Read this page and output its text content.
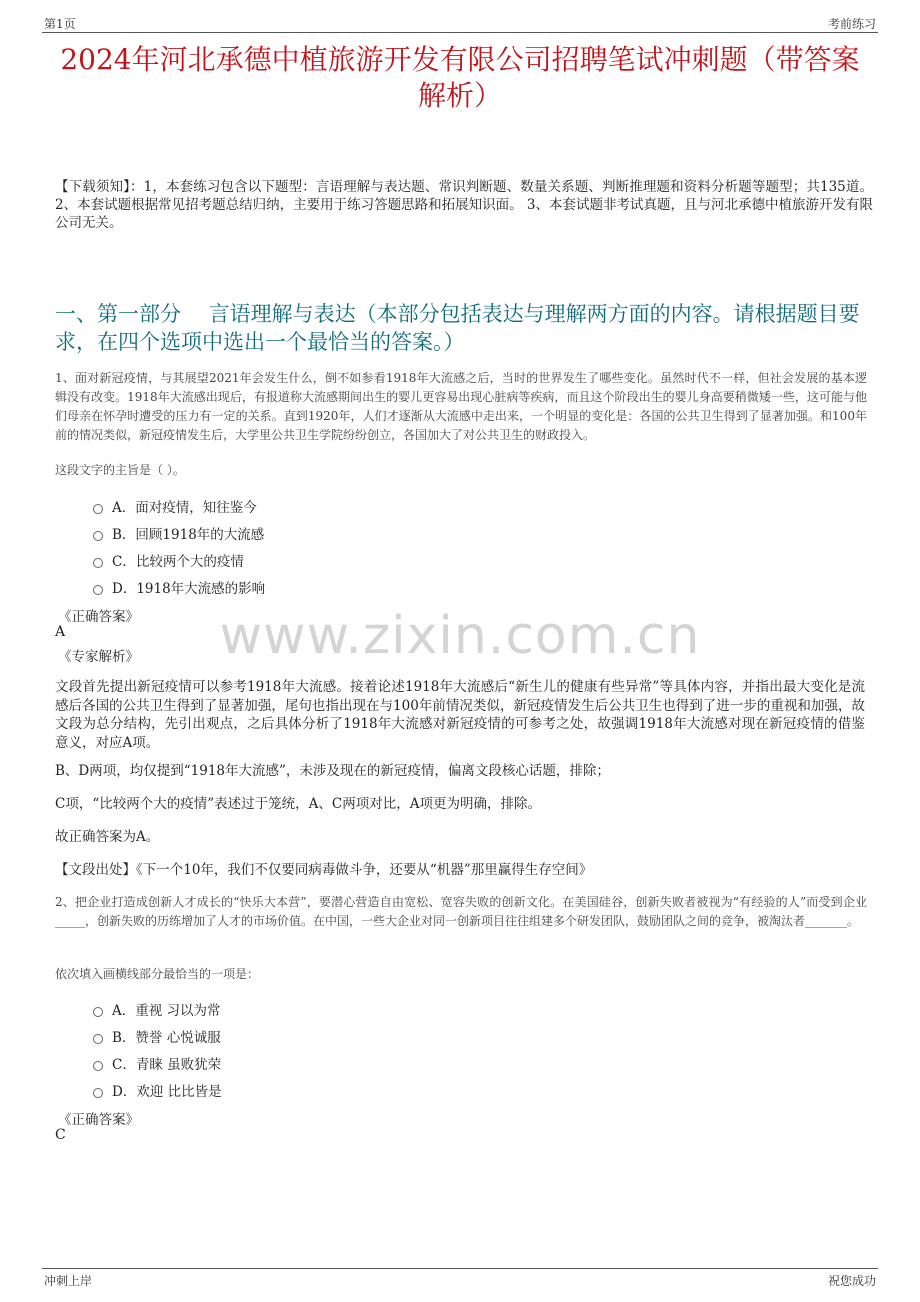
第1页	考前练习
2024年河北承德中植旅游开发有限公司招聘笔试冲刺题（带答案解析）
【下载须知】：1，本套练习包含以下题型：言语理解与表达题、常识判断题、数量关系题、判断推理题和资料分析题等题型；共135道。 2、本套试题根据常见招考题总结归纳，主要用于练习答题思路和拓展知识面。 3、本套试题非考试真题，且与河北承德中植旅游开发有限公司无关。
一、第一部分　 言语理解与表达（本部分包括表达与理解两方面的内容。请根据题目要求，在四个选项中选出一个最恰当的答案。）
1、面对新冠疫情，与其展望2021年会发生什么，倒不如参看1918年大流感之后，当时的世界发生了哪些变化。虽然时代不一样，但社会发展的基本逻辑没有改变。1918年大流感出现后，有报道称大流感期间出生的婴儿更容易出现心脏病等疾病，而且这个阶段出生的婴儿身高要稍微矮一些，这可能与他们母亲在怀孕时遭受的压力有一定的关系。直到1920年，人们才逐渐从大流感中走出来，一个明显的变化是：各国的公共卫生得到了显著加强。和100年前的情况类似，新冠疫情发生后，大学里公共卫生学院纷纷创立，各国加大了对公共卫生的财政投入。
这段文字的主旨是（ ）。
A．面对疫情，知往鉴今
B．回顾1918年的大流感
C．比较两个大的疫情
D．1918年大流感的影响
《正确答案》
A
《专家解析》
文段首先提出新冠疫情可以参考1918年大流感。接着论述1918年大流感后“新生儿的健康有些异常”等具体内容，并指出最大变化是流感后各国的公共卫生得到了显著加强，尾句也指出现在与100年前情况类似，新冠疫情发生后公共卫生也得到了进一步的重视和加强，故文段为总分结构，先引出观点，之后具体分析了1918年大流感对新冠疫情的可参考之处，故强调1918年大流感对现在新冠疫情的借鉴意义，对应A项。
B、D两项，均仅提到“1918年大流感”，未涉及现在的新冠疫情，偏离文段核心话题，排除；
C项，“比较两个大的疫情”表述过于笼统，A、C两项对比，A项更为明确，排除。
故正确答案为A。
【文段出处】《下一个10年，我们不仅要同病毒做斗争，还要从“机器”那里赢得生存空间》
2、把企业打造成创新人才成长的“快乐大本营”，要潜心营造自由宽松、宽容失败的创新文化。在美国硅谷，创新失败者被视为“有经验的人”而受到企业_____，创新失败的历练增加了人才的市场价值。在中国，一些大企业对同一创新项目往往组建多个研发团队，鼓励团队之间的竞争，被淘汰者_______。
依次填入画横线部分最恰当的一项是：
A．重视 习以为常
B．赞誉 心悦诚服
C．青睐 虽败犹荣
D．欢迎 比比皆是
《正确答案》
C
www.zixin.com.cn
冲刺上岸	祝您成功
